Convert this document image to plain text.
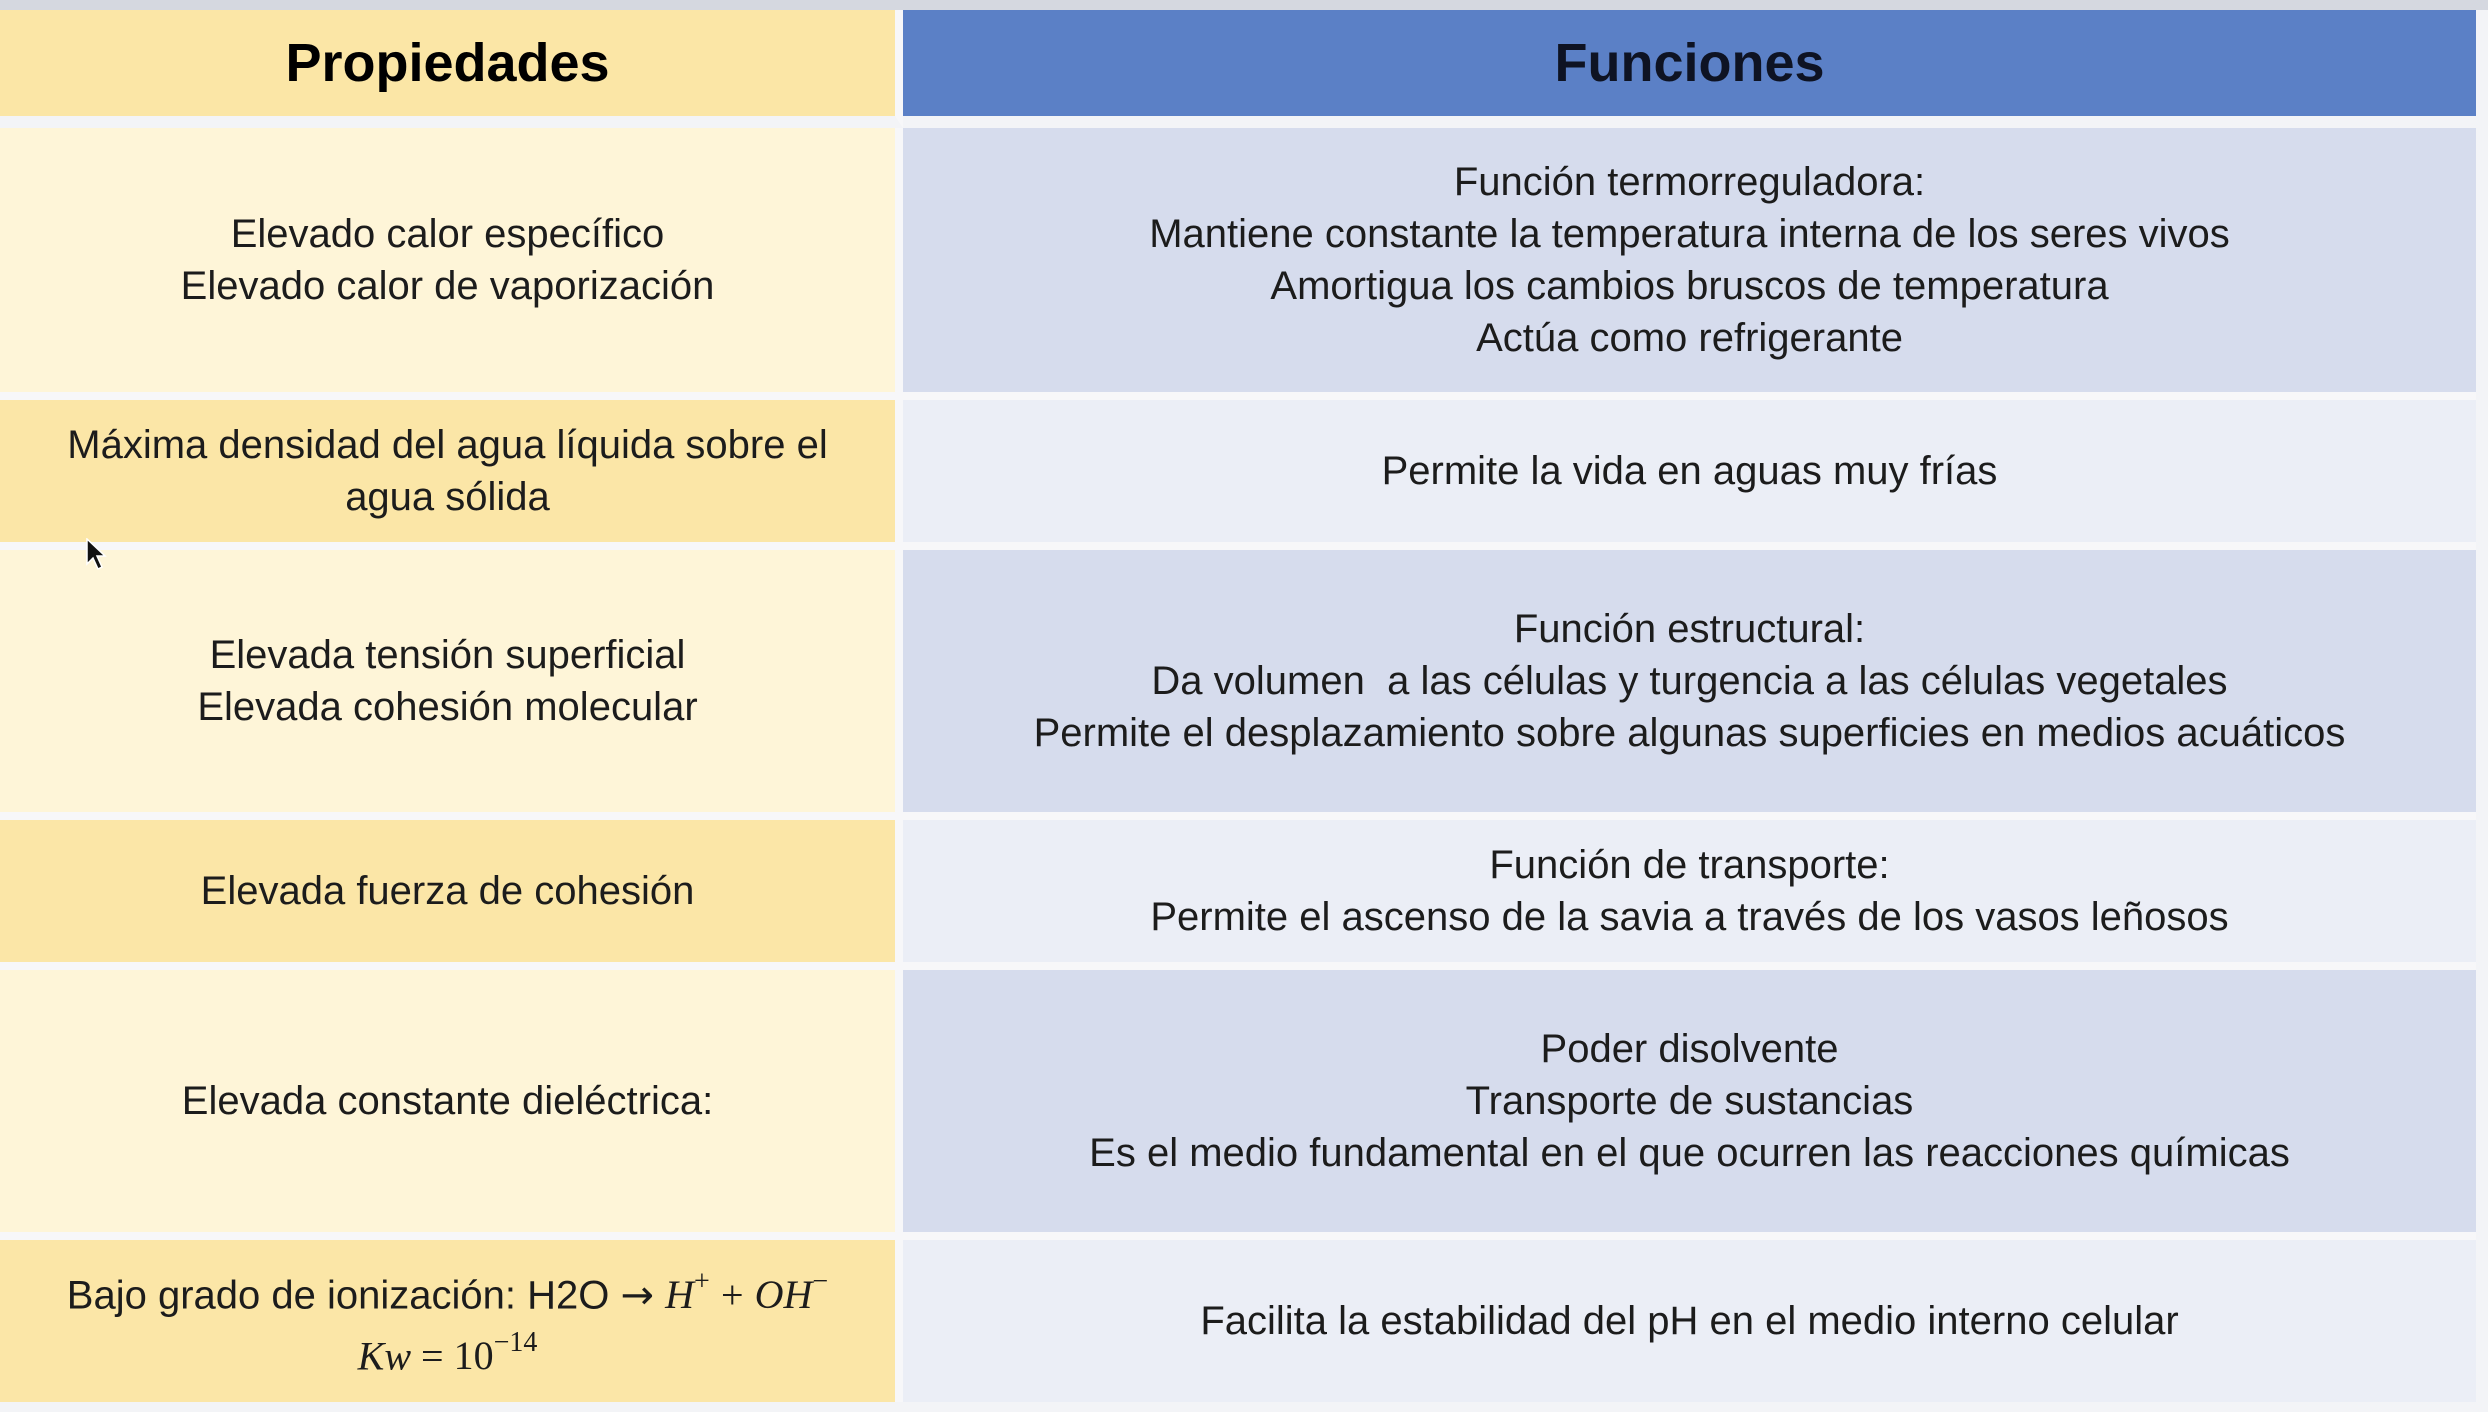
Propiedades	Funciones
Elevado calor específico
Elevado calor de vaporización
Función termorreguladora:
Mantiene constante la temperatura interna de los seres vivos
Amortigua los cambios bruscos de temperatura
Actúa como refrigerante
Máxima densidad del agua líquida sobre el
agua sólida
Permite la vida en aguas muy frías
Elevada tensión superficial
Elevada cohesión molecular
Función estructural:
Da volumen  a las células y turgencia a las células vegetales
Permite el desplazamiento sobre algunas superficies en medios acuáticos
Elevada fuerza de cohesión
Función de transporte:
Permite el ascenso de la savia a través de los vasos leñosos
Elevada constante dieléctrica:
Poder disolvente
Transporte de sustancias
Es el medio fundamental en el que ocurren las reacciones químicas
Bajo grado de ionización: H2O → H+ + OH−
$Kw = 10^{-14}$	Facilita la estabilidad del pH en el medio interno celular
